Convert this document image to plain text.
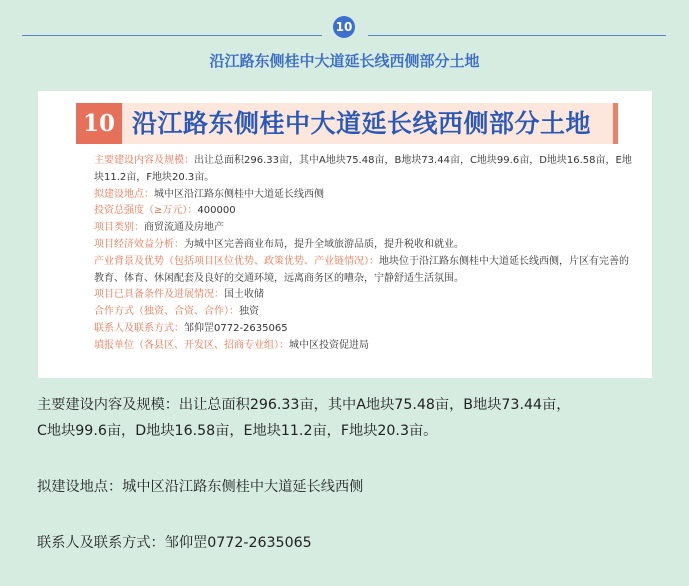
10
沿江路东侧桂中大道延长线西侧部分土地
10 沿江路东侧桂中大道延长线西侧部分土地
主要建设内容及规模：出让总面积296.33亩，其中A地块75.48亩，B地块73.44亩，C地块99.6亩，D地块16.58亩，E地块11.2亩，F地块20.3亩。
拟建设地点：城中区沿江路东侧桂中大道延长线西侧
投资总强度（≥万元）：400000
项目类别：商贸流通及房地产
项目经济效益分析：为城中区完善商业布局，提升全域旅游品质，提升税收和就业。
产业背景及优势（包括项目区位优势、政策优势、产业链情况）：地块位于沿江路东侧桂中大道延长线西侧，片区有完善的教育、体育、休闲配套及良好的交通环境，远离商务区的嘈杂，宁静舒适生活氛围。
项目已具备条件及进展情况：国土收储
合作方式（独资、合资、合作）：独资
联系人及联系方式：邹仰罡0772-2635065
填报单位（各县区、开发区、招商专业组）：城中区投资促进局
主要建设内容及规模：出让总面积296.33亩，其中A地块75.48亩，B地块73.44亩，
C地块99.6亩，D地块16.58亩，E地块11.2亩，F地块20.3亩。
拟建设地点：城中区沿江路东侧桂中大道延长线西侧
联系人及联系方式：邹仰罡0772-2635065
